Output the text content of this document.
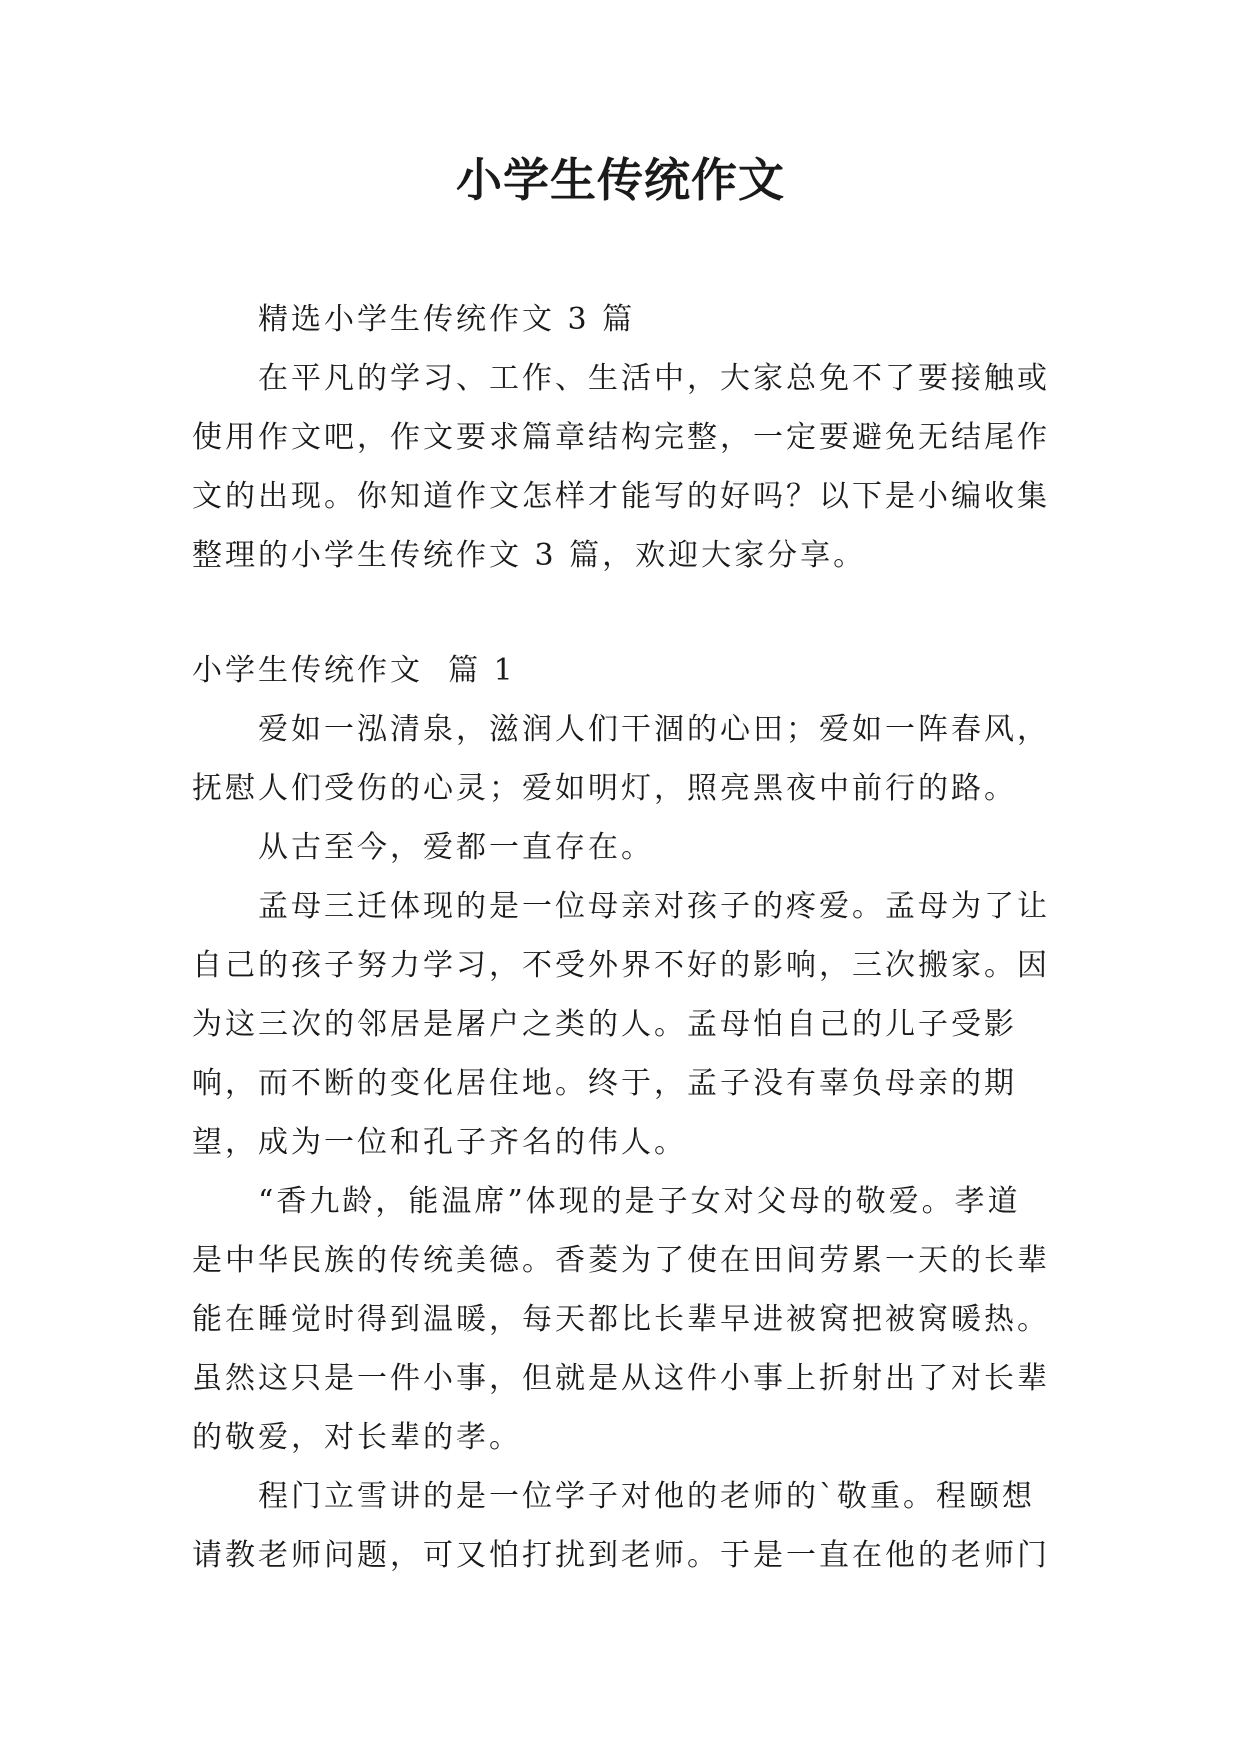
小学生传统作文

精选小学生传统作文 3 篇

在平凡的学习、工作、生活中，大家总免不了要接触或使用作文吧，作文要求篇章结构完整，一定要避免无结尾作文的出现。你知道作文怎样才能写的好吗？以下是小编收集整理的小学生传统作文 3 篇，欢迎大家分享。

小学生传统作文  篇 1

爱如一泓清泉，滋润人们干涸的心田；爱如一阵春风，抚慰人们受伤的心灵；爱如明灯，照亮黑夜中前行的路。

从古至今，爱都一直存在。

孟母三迁体现的是一位母亲对孩子的疼爱。孟母为了让自己的孩子努力学习，不受外界不好的影响，三次搬家。因为这三次的邻居是屠户之类的人。孟母怕自己的儿子受影响，而不断的变化居住地。终于，孟子没有辜负母亲的期望，成为一位和孔子齐名的伟人。

“香九龄，能温席”体现的是子女对父母的敬爱。孝道是中华民族的传统美德。香菱为了使在田间劳累一天的长辈能在睡觉时得到温暖，每天都比长辈早进被窝把被窝暖热。虽然这只是一件小事，但就是从这件小事上折射出了对长辈的敬爱，对长辈的孝。

程门立雪讲的是一位学子对他的老师的`敬重。程颐想请教老师问题，可又怕打扰到老师。于是一直在他的老师门
